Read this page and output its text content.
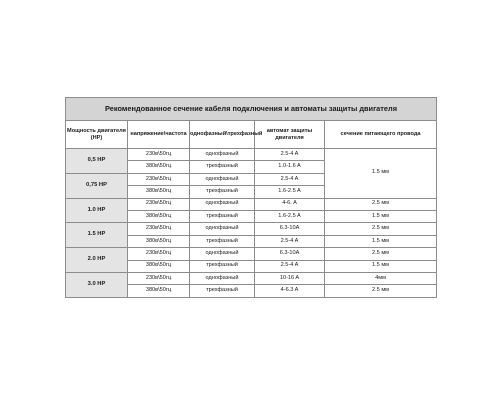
Рекомендованное сечение кабеля подключения и автоматы защиты двигателя				
Мощность двигателя (HP)	напряжение\частота	однофазный\трехфазный	автомат защиты двигателя	сечение питающего провода
0,5 HP	230в\50гц	однофазный	2.5-4 A	1.5 мм
	380в\50гц	трехфазный	1.0-1.6 A	
0,75 HP	230в\50гц	однофазный	2.5-4 A	
	380в\50гц	трехфазный	1.6-2.5 A	
1.0 HP	230в\50гц	однофазный	4-6. A	2.5 мм
	380в\50гц	трехфазный	1.6-2.5 A	1.5 мм
1.5 HP	230в\50гц	однофазный	6.3-10A	2.5 мм
	380в\50гц	трехфазный	2.5-4 A	1.5 мм
2.0 HP	230в\50гц	однофазный	6.3-10A	2.5 мм
	380в\50гц	трехфазный	2.5-4 A	1.5 мм
3.0 HP	230в\50гц	однофазный	10-16 A	4мм
	380в\50гц	трехфазный	4-6.3 A	2.5 мм
